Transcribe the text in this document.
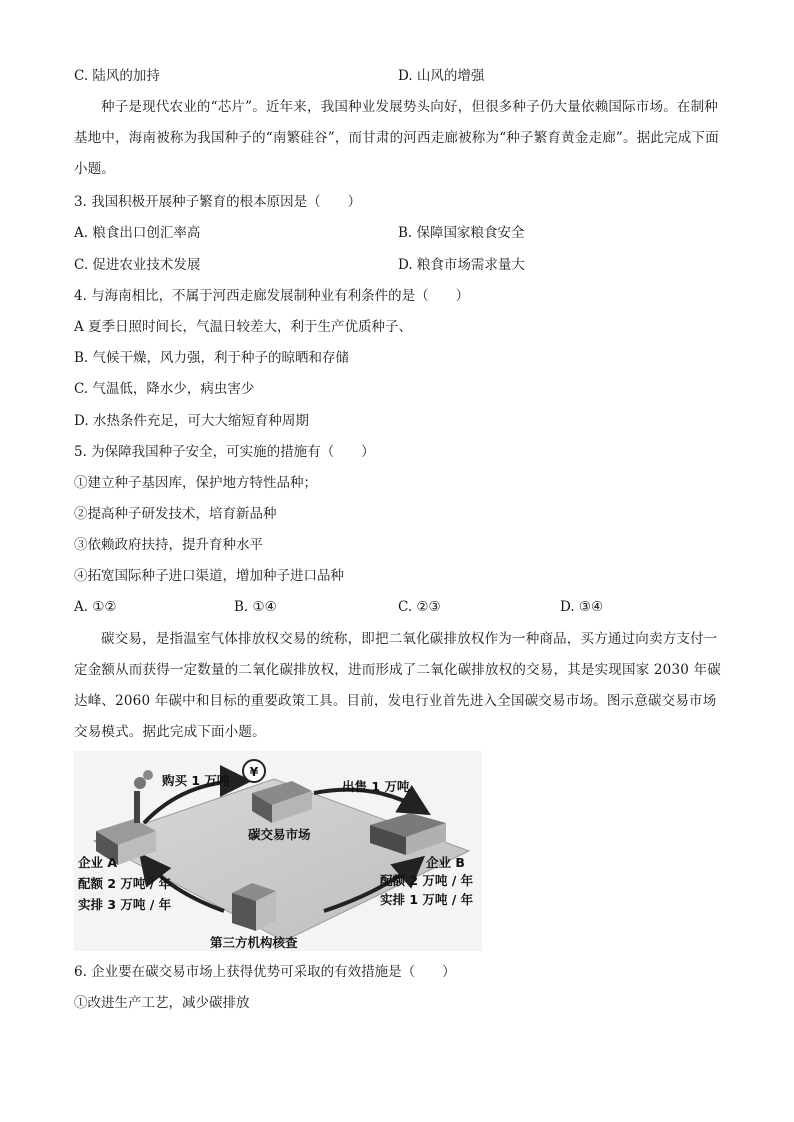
C. 陆风的加持	D. 山风的增强

种子是现代农业的“芯片”。近年来，我国种业发展势头向好，但很多种子仍大量依赖国际市场。在制种基地中，海南被称为我国种子的“南繁硅谷”，而甘肃的河西走廊被称为“种子繁育黄金走廊”。据此完成下面小题。

3. 我国积极开展种子繁育的根本原因是（　　）
A. 粮食出口创汇率高	B. 保障国家粮食安全
C. 促进农业技术发展	D. 粮食市场需求量大
4. 与海南相比，不属于河西走廊发展制种业有利条件的是（　　）
A 夏季日照时间长，气温日较差大，利于生产优质种子、
B. 气候干燥，风力强，利于种子的晾晒和存储
C. 气温低，降水少，病虫害少
D. 水热条件充足，可大大缩短育种周期
5. 为保障我国种子安全，可实施的措施有（　　）
①建立种子基因库，保护地方特性品种；
②提高种子研发技术，培育新品种
③依赖政府扶持，提升育种水平
④拓宽国际种子进口渠道，增加种子进口品种
A. ①②	B. ①④	C. ②③	D. ③④

碳交易，是指温室气体排放权交易的统称，即把二氧化碳排放权作为一种商品，买方通过向卖方支付一定金额从而获得一定数量的二氧化碳排放权，进而形成了二氧化碳排放权的交易，其是实现国家 2030 年碳达峰、2060 年碳中和目标的重要政策工具。目前，发电行业首先进入全国碳交易市场。图示意碳交易市场交易模式。据此完成下面小题。

¥
购买 1 万吨	出售 1 万吨
碳交易市场
企业 A
配额 2 万吨 / 年
实排 3 万吨 / 年
企业 B
配额 2 万吨 / 年
实排 1 万吨 / 年
第三方机构核查
6. 企业要在碳交易市场上获得优势可采取的有效措施是（　　）
①改进生产工艺，减少碳排放
